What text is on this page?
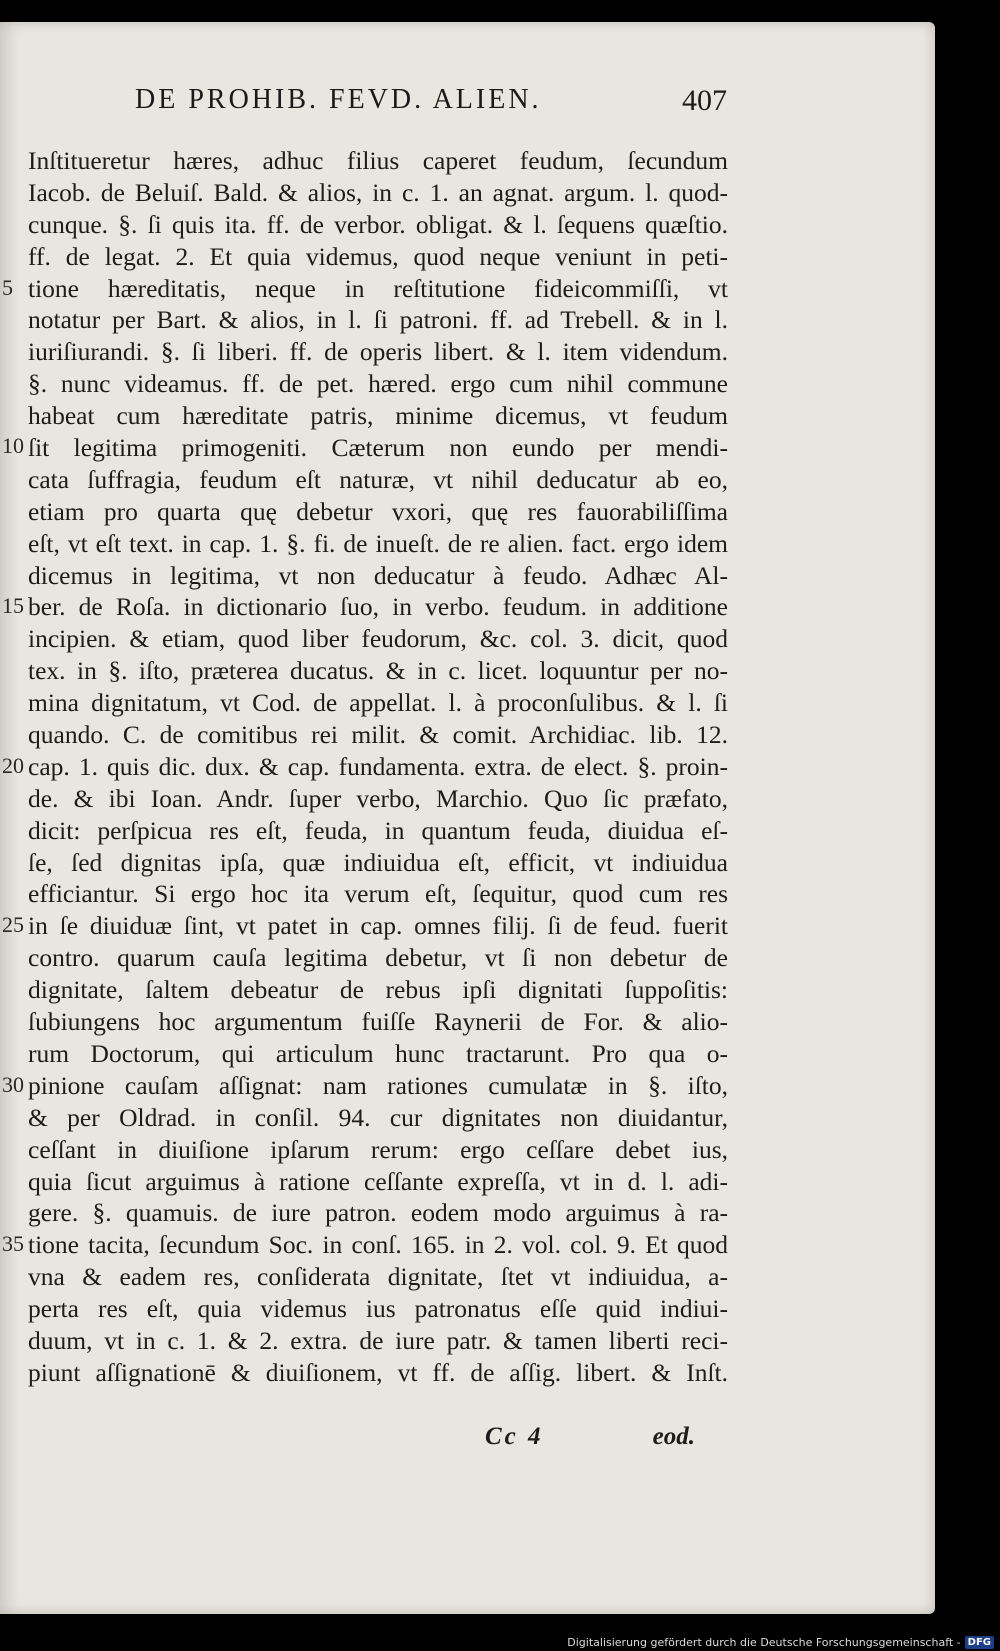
DE PROHIB. FEVD. ALIEN.	407
5
10
15
20
25
30
35
Inſtitueretur hæres, adhuc filius caperet feudum, ſecundum
Iacob. de Beluiſ. Bald. & alios, in c. 1. an agnat. argum. l. quod-
cunque. §. ſi quis ita. ff. de verbor. obligat. & l. ſequens quæſtio.
ff. de legat. 2. Et quia videmus, quod neque veniunt in peti-
tione hæreditatis, neque in reſtitutione fideicommiſſi, vt
notatur per Bart. & alios, in l. ſi patroni. ff. ad Trebell. & in l.
iuriſiurandi. §. ſi liberi. ff. de operis libert. & l. item videndum.
§. nunc videamus. ff. de pet. hæred. ergo cum nihil commune
habeat cum hæreditate patris, minime dicemus, vt feudum
ſit legitima primogeniti. Cæterum non eundo per mendi-
cata ſuffragia, feudum eſt naturæ, vt nihil deducatur ab eo,
etiam pro quarta quę debetur vxori, quę res fauorabiliſſima
eſt, vt eſt text. in cap. 1. §. fi. de inueſt. de re alien. fact. ergo idem
dicemus in legitima, vt non deducatur à feudo. Adhæc Al-
ber. de Roſa. in dictionario ſuo, in verbo. feudum. in additione
incipien. & etiam, quod liber feudorum, &c. col. 3. dicit, quod
tex. in §. iſto, præterea ducatus. & in c. licet. loquuntur per no-
mina dignitatum, vt Cod. de appellat. l. à proconſulibus. & l. ſi
quando. C. de comitibus rei milit. & comit. Archidiac. lib. 12.
cap. 1. quis dic. dux. & cap. fundamenta. extra. de elect. §. proin-
de. & ibi Ioan. Andr. ſuper verbo, Marchio. Quo ſic præfato,
dicit: perſpicua res eſt, feuda, in quantum feuda, diuidua eſ-
ſe, ſed dignitas ipſa, quæ indiuidua eſt, efficit, vt indiuidua
efficiantur. Si ergo hoc ita verum eſt, ſequitur, quod cum res
in ſe diuiduæ ſint, vt patet in cap. omnes filij. ſi de feud. fuerit
contro. quarum cauſa legitima debetur, vt ſi non debetur de
dignitate, ſaltem debeatur de rebus ipſi dignitati ſuppoſitis:
ſubiungens hoc argumentum fuiſſe Raynerii de For. & alio-
rum Doctorum, qui articulum hunc tractarunt. Pro qua o-
pinione cauſam aſſignat: nam rationes cumulatæ in §. iſto,
& per Oldrad. in conſil. 94. cur dignitates non diuidantur,
ceſſant in diuiſione ipſarum rerum: ergo ceſſare debet ius,
quia ſicut arguimus à ratione ceſſante expreſſa, vt in d. l. adi-
gere. §. quamuis. de iure patron. eodem modo arguimus à ra-
tione tacita, ſecundum Soc. in conſ. 165. in 2. vol. col. 9. Et quod
vna & eadem res, conſiderata dignitate, ſtet vt indiuidua, a-
perta res eſt, quia videmus ius patronatus eſſe quid indiui-
duum, vt in c. 1. & 2. extra. de iure patr. & tamen liberti reci-
piunt aſſignationē & diuiſionem, vt ff. de aſſig. libert. & Inſt.
Cc 4	eod.
Digitalisierung gefördert durch die Deutsche Forschungsgemeinschaft - DFG
